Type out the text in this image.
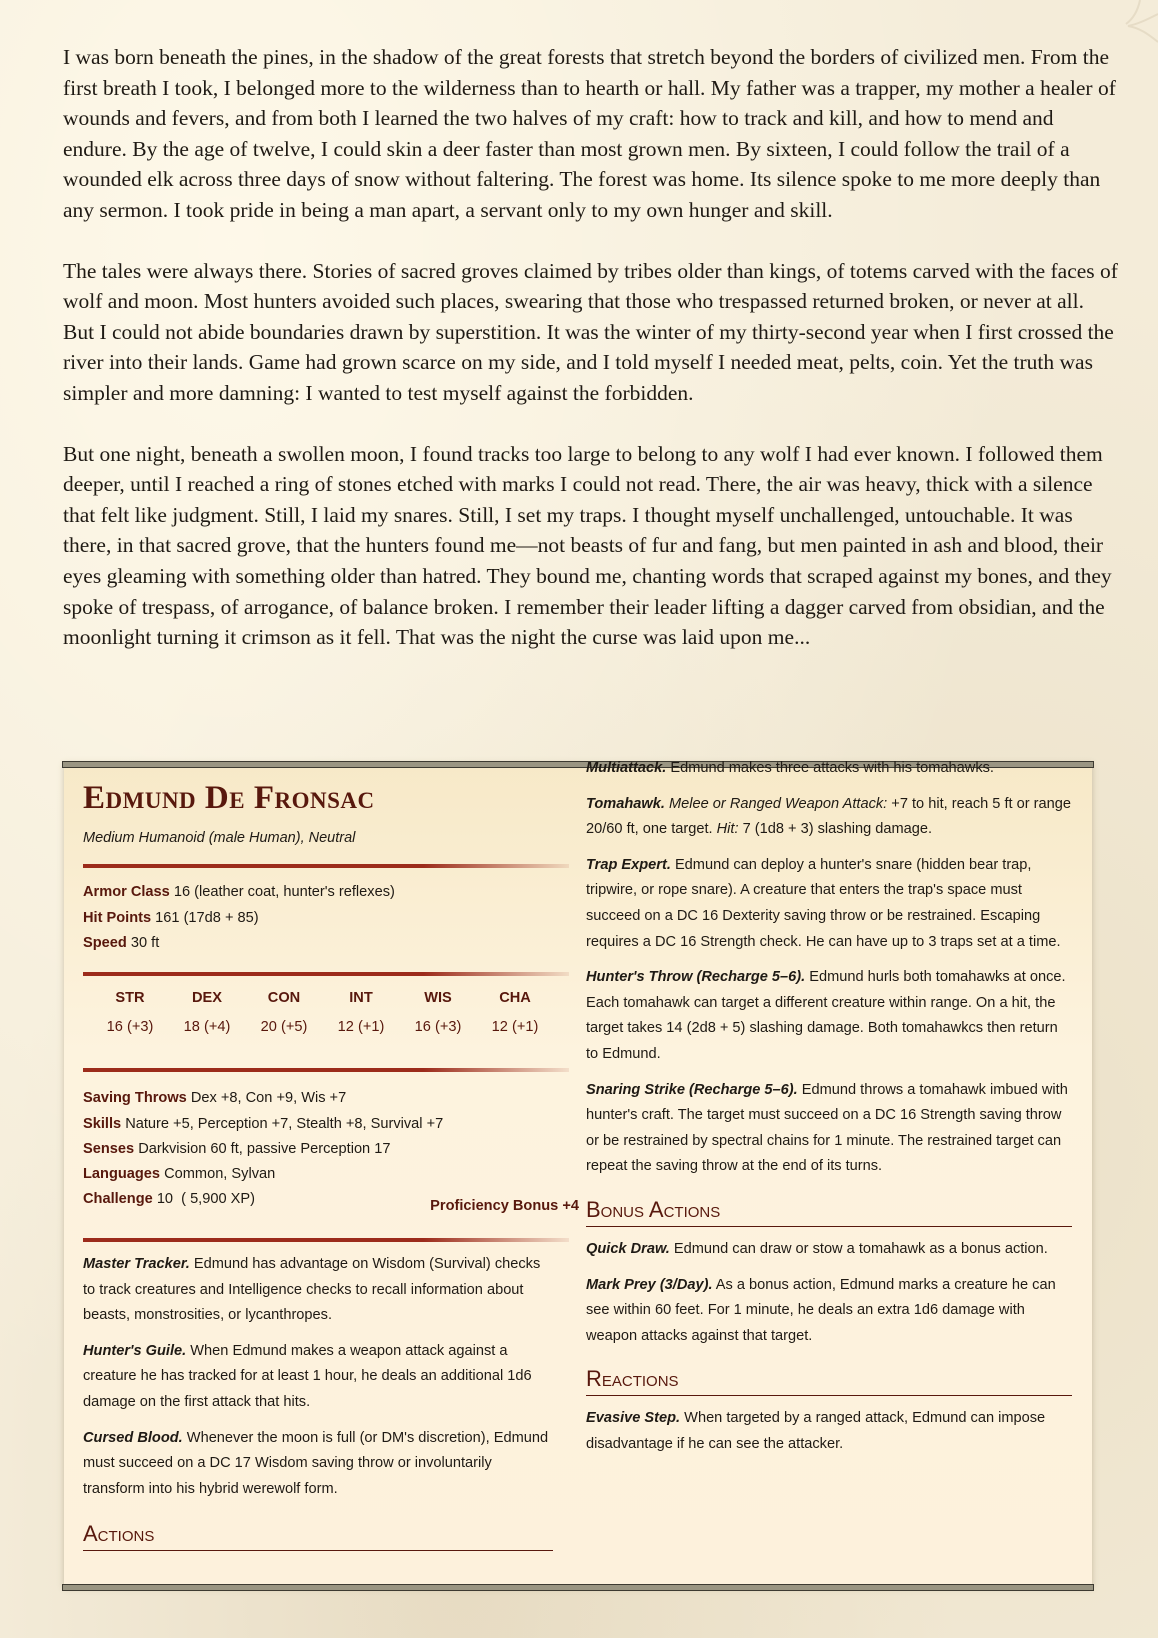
I was born beneath the pines, in the shadow of the great forests that stretch beyond the borders of civilized men. From the first breath I took, I belonged more to the wilderness than to hearth or hall. My father was a trapper, my mother a healer of wounds and fevers, and from both I learned the two halves of my craft: how to track and kill, and how to mend and endure. By the age of twelve, I could skin a deer faster than most grown men. By sixteen, I could follow the trail of a wounded elk across three days of snow without faltering. The forest was home. Its silence spoke to me more deeply than any sermon. I took pride in being a man apart, a servant only to my own hunger and skill.

The tales were always there. Stories of sacred groves claimed by tribes older than kings, of totems carved with the faces of wolf and moon. Most hunters avoided such places, swearing that those who trespassed returned broken, or never at all. But I could not abide boundaries drawn by superstition. It was the winter of my thirty-second year when I first crossed the river into their lands. Game had grown scarce on my side, and I told myself I needed meat, pelts, coin. Yet the truth was simpler and more damning: I wanted to test myself against the forbidden.

But one night, beneath a swollen moon, I found tracks too large to belong to any wolf I had ever known. I followed them deeper, until I reached a ring of stones etched with marks I could not read. There, the air was heavy, thick with a silence that felt like judgment. Still, I laid my snares. Still, I set my traps. I thought myself unchallenged, untouchable. It was there, in that sacred grove, that the hunters found me—not beasts of fur and fang, but men painted in ash and blood, their eyes gleaming with something older than hatred. They bound me, chanting words that scraped against my bones, and they spoke of trespass, of arrogance, of balance broken. I remember their leader lifting a dagger carved from obsidian, and the moonlight turning it crimson as it fell. That was the night the curse was laid upon me...

Edmund De Fronsac
Medium Humanoid (male Human), Neutral
Armor Class 16 (leather coat, hunter's reflexes)
Hit Points 161 (17d8 + 85)
Speed 30 ft
STR	DEX	CON	INT	WIS	CHA
16 (+3)	18 (+4)	20 (+5)	12 (+1)	16 (+3)	12 (+1)
Saving Throws Dex +8, Con +9, Wis +7
Skills Nature +5, Perception +7, Stealth +8, Survival +7
Senses Darkvision 60 ft, passive Perception 17
Languages Common, Sylvan
Challenge 10  ( 5,900 XP)	Proficiency Bonus +4

Master Tracker. Edmund has advantage on Wisdom (Survival) checks to track creatures and Intelligence checks to recall information about beasts, monstrosities, or lycanthropes.

Hunter's Guile. When Edmund makes a weapon attack against a creature he has tracked for at least 1 hour, he deals an additional 1d6 damage on the first attack that hits.

Cursed Blood. Whenever the moon is full (or DM's discretion), Edmund must succeed on a DC 17 Wisdom saving throw or involuntarily transform into his hybrid werewolf form.

Actions

Multiattack. Edmund makes three attacks with his tomahawks.

Tomahawk. Melee or Ranged Weapon Attack: +7 to hit, reach 5 ft or range 20/60 ft, one target. Hit: 7 (1d8 + 3) slashing damage.

Trap Expert. Edmund can deploy a hunter's snare (hidden bear trap, tripwire, or rope snare). A creature that enters the trap's space must succeed on a DC 16 Dexterity saving throw or be restrained. Escaping requires a DC 16 Strength check. He can have up to 3 traps set at a time.

Hunter's Throw (Recharge 5–6). Edmund hurls both tomahawks at once. Each tomahawk can target a different creature within range. On a hit, the target takes 14 (2d8 + 5) slashing damage. Both tomahawkcs then return to Edmund.

Snaring Strike (Recharge 5–6). Edmund throws a tomahawk imbued with hunter's craft. The target must succeed on a DC 16 Strength saving throw or be restrained by spectral chains for 1 minute. The restrained target can repeat the saving throw at the end of its turns.

Bonus Actions

Quick Draw. Edmund can draw or stow a tomahawk as a bonus action.

Mark Prey (3/Day). As a bonus action, Edmund marks a creature he can see within 60 feet. For 1 minute, he deals an extra 1d6 damage with weapon attacks against that target.

Reactions

Evasive Step. When targeted by a ranged attack, Edmund can impose disadvantage if he can see the attacker.
